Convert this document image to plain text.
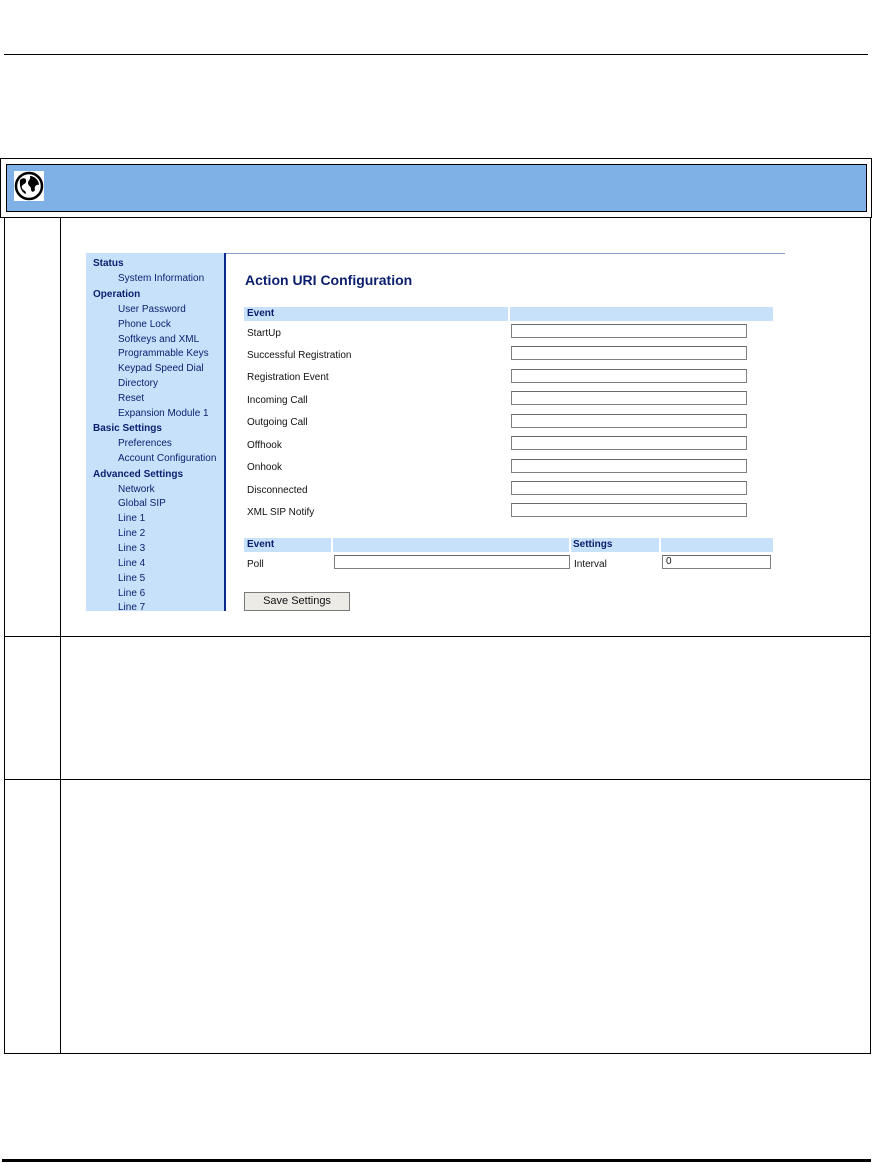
Status
System Information
Operation
User Password
Phone Lock
Softkeys and XML
Programmable Keys
Keypad Speed Dial
Directory
Reset
Expansion Module 1
Basic Settings
Preferences
Account Configuration
Advanced Settings
Network
Global SIP
Line 1
Line 2
Line 3
Line 4
Line 5
Line 6
Line 7
Action URI Configuration
Event
StartUp
Successful Registration
Registration Event
Incoming Call
Outgoing Call
Offhook
Onhook
Disconnected
XML SIP Notify
Event	Settings
Poll	Interval	0
Save Settings
